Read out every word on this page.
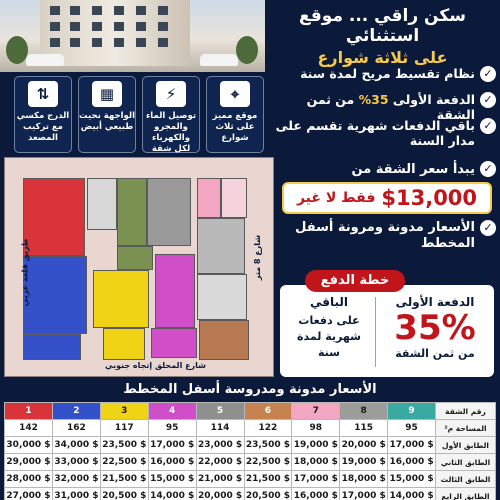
سكن راقي ... موقع استثنائي
على ثلاثة شوارع
⌖
موقع مميز على ثلاث شوارع
⚡
توصيل الماء والمجرو والكهرباء لكل شقة
▦
الواجهة نحيت طبيعي أبيض
⇅
الدرج مكسي مع تركيب المصعد
✓
نظام تقسيط مريح لمدة سنة
✓
الدفعة الأولى 35% من ثمن الشقة
✓
باقي الدفعات شهرية تقسم على مدار السنة
✓
يبدأ سعر الشقة من
$13,000
فقط لا غير
✓
الأسعار مدونة ومرونة أسفل المخطط
طريق قلعة عربي	شارع 8 متر
شارع المحلق إتجاه جنوبي
الدفعة الأولى
35%
من ثمن الشقة
الباقي
على دفعات شهرية لمدة سنة
خطة الدفع
الأسعار مدونة ومدروسة أسفل المخطط
رقم الشقة	9	8	7	6	5	4	3	2	1
المساحة م²	95	115	98	122	114	95	117	162	142
الطابق الأول	$ 17,000	$ 20,000	$ 19,000	$ 23,500	$ 23,000	$ 17,000	$ 23,500	$ 34,000	$ 30,000
الطابق الثاني	$ 16,000	$ 19,000	$ 18,000	$ 22,500	$ 22,000	$ 16,000	$ 22,500	$ 33,000	$ 29,000
الطابق الثالث	$ 15,000	$ 18,000	$ 17,000	$ 21,500	$ 21,000	$ 15,000	$ 21,500	$ 32,000	$ 28,000
الطابق الرابع	$ 14,000	$ 17,000	$ 16,000	$ 20,500	$ 20,000	$ 14,000	$ 20,500	$ 31,000	$ 27,000
